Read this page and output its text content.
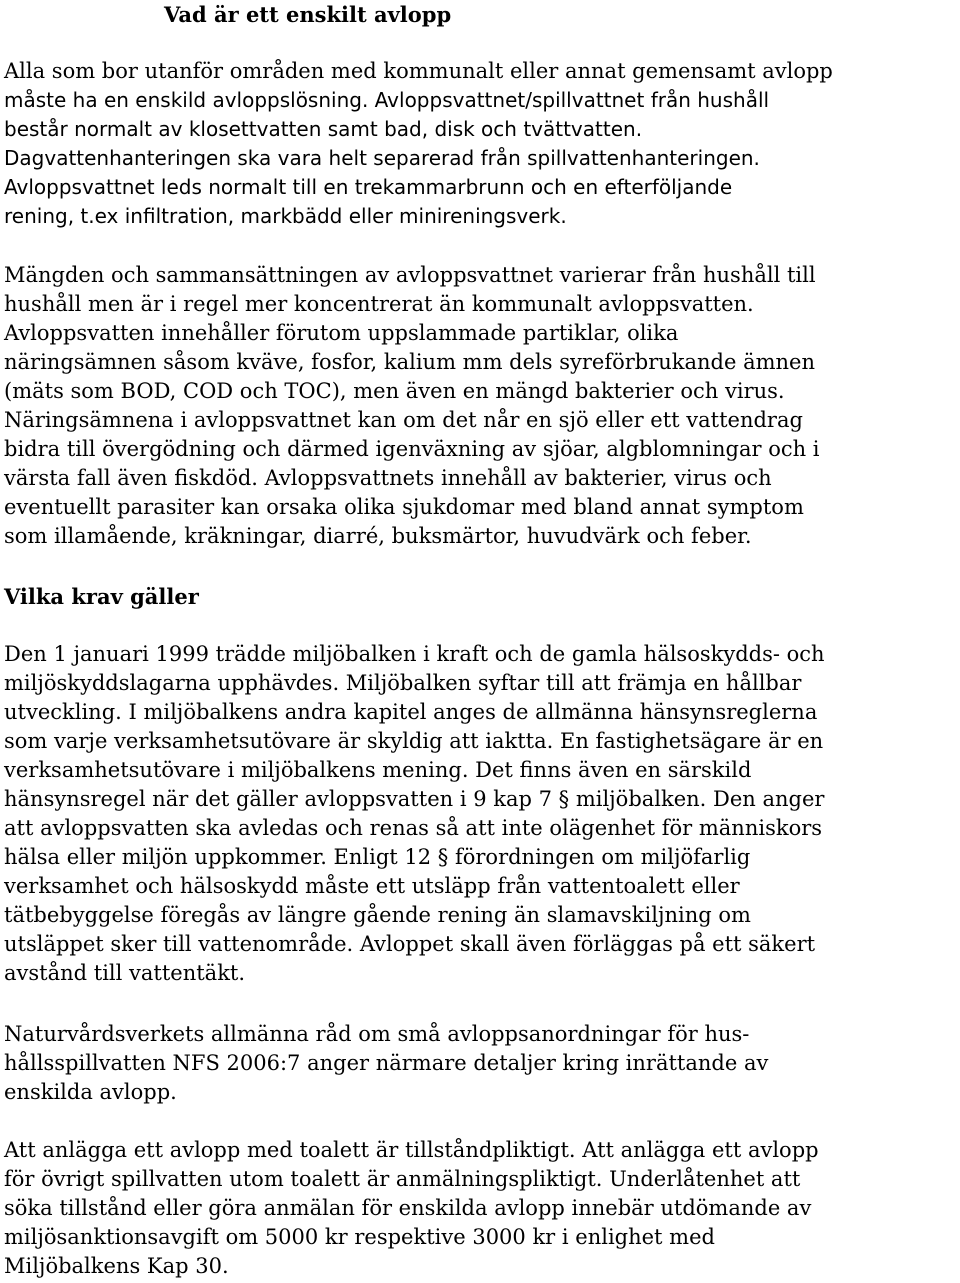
Vad är ett enskilt avlopp
Alla som bor utanför områden med kommunalt eller annat gemensamt avlopp
måste ha en enskild avloppslösning. Avloppsvattnet/spillvattnet från hushåll
består normalt av klosettvatten samt bad, disk och tvättvatten.
Dagvattenhanteringen ska vara helt separerad från spillvattenhanteringen.
Avloppsvattnet leds normalt till en trekammarbrunn och en efterföljande
rening, t.ex infiltration, markbädd eller minireningsverk.
Mängden och sammansättningen av avloppsvattnet varierar från hushåll till
hushåll men är i regel mer koncentrerat än kommunalt avloppsvatten.
Avloppsvatten innehåller förutom uppslammade partiklar, olika
näringsämnen såsom kväve, fosfor, kalium mm dels syreförbrukande ämnen
(mäts som BOD, COD och TOC), men även en mängd bakterier och virus.
Näringsämnena i avloppsvattnet kan om det når en sjö eller ett vattendrag
bidra till övergödning och därmed igenväxning av sjöar, algblomningar och i
värsta fall även fiskdöd. Avloppsvattnets innehåll av bakterier, virus och
eventuellt parasiter kan orsaka olika sjukdomar med bland annat symptom
som illamående, kräkningar, diarré, buksmärtor, huvudvärk och feber.
Vilka krav gäller
Den 1 januari 1999 trädde miljöbalken i kraft och de gamla hälsoskydds- och
miljöskyddslagarna upphävdes. Miljöbalken syftar till att främja en hållbar
utveckling. I miljöbalkens andra kapitel anges de allmänna hänsynsreglerna
som varje verksamhetsutövare är skyldig att iaktta. En fastighetsägare är en
verksamhetsutövare i miljöbalkens mening. Det finns även en särskild
hänsynsregel när det gäller avloppsvatten i 9 kap 7 § miljöbalken. Den anger
att avloppsvatten ska avledas och renas så att inte olägenhet för människors
hälsa eller miljön uppkommer. Enligt 12 § förordningen om miljöfarlig
verksamhet och hälsoskydd måste ett utsläpp från vattentoalett eller
tätbebyggelse föregås av längre gående rening än slamavskiljning om
utsläppet sker till vattenområde. Avloppet skall även förläggas på ett säkert
avstånd till vattentäkt.
Naturvårdsverkets allmänna råd om små avloppsanordningar för hus-
hållsspillvatten NFS 2006:7 anger närmare detaljer kring inrättande av
enskilda avlopp.
Att anlägga ett avlopp med toalett är tillståndpliktigt. Att anlägga ett avlopp
för övrigt spillvatten utom toalett är anmälningspliktigt. Underlåtenhet att
söka tillstånd eller göra anmälan för enskilda avlopp innebär utdömande av
miljösanktionsavgift om 5000 kr respektive 3000 kr i enlighet med
Miljöbalkens Kap 30.
